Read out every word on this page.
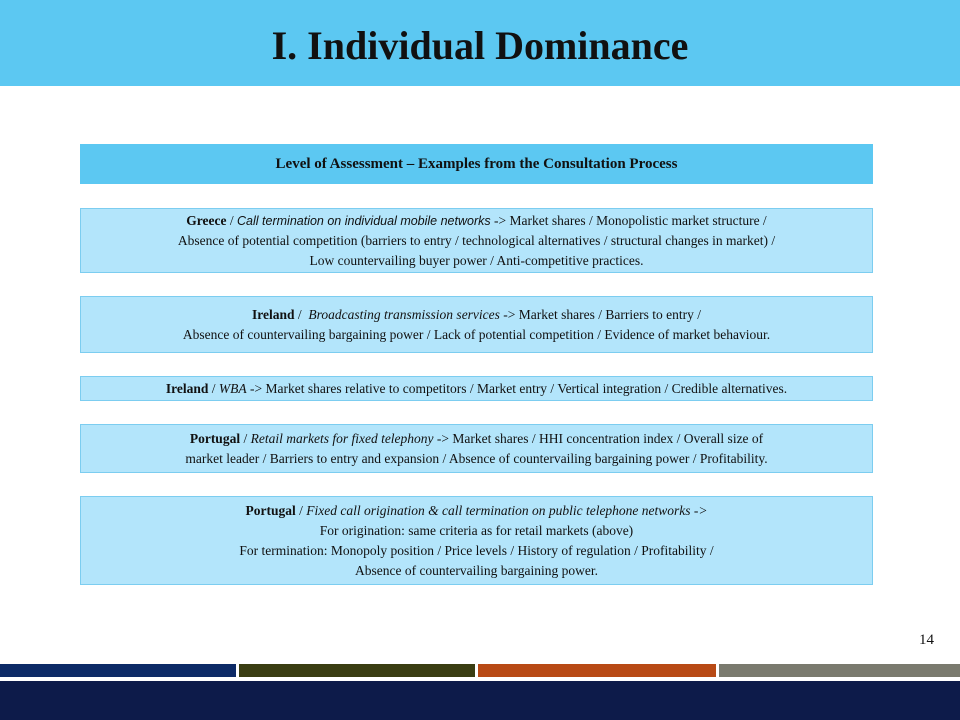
I. Individual Dominance
Level of Assessment – Examples from the Consultation Process
Greece / Call termination on individual mobile networks -> Market shares / Monopolistic market structure /
Absence of potential competition (barriers to entry / technological alternatives / structural changes in market) /
Low countervailing buyer power / Anti-competitive practices.
Ireland /  Broadcasting transmission services -> Market shares / Barriers to entry /
Absence of countervailing bargaining power / Lack of potential competition / Evidence of market behaviour.
Ireland / WBA -> Market shares relative to competitors / Market entry / Vertical integration / Credible alternatives.
Portugal / Retail markets for fixed telephony -> Market shares / HHI concentration index / Overall size of
market leader / Barriers to entry and expansion / Absence of countervailing bargaining power / Profitability.
Portugal / Fixed call origination & call termination on public telephone networks ->
For origination: same criteria as for retail markets (above)
For termination: Monopoly position / Price levels / History of regulation / Profitability /
Absence of countervailing bargaining power.
14
